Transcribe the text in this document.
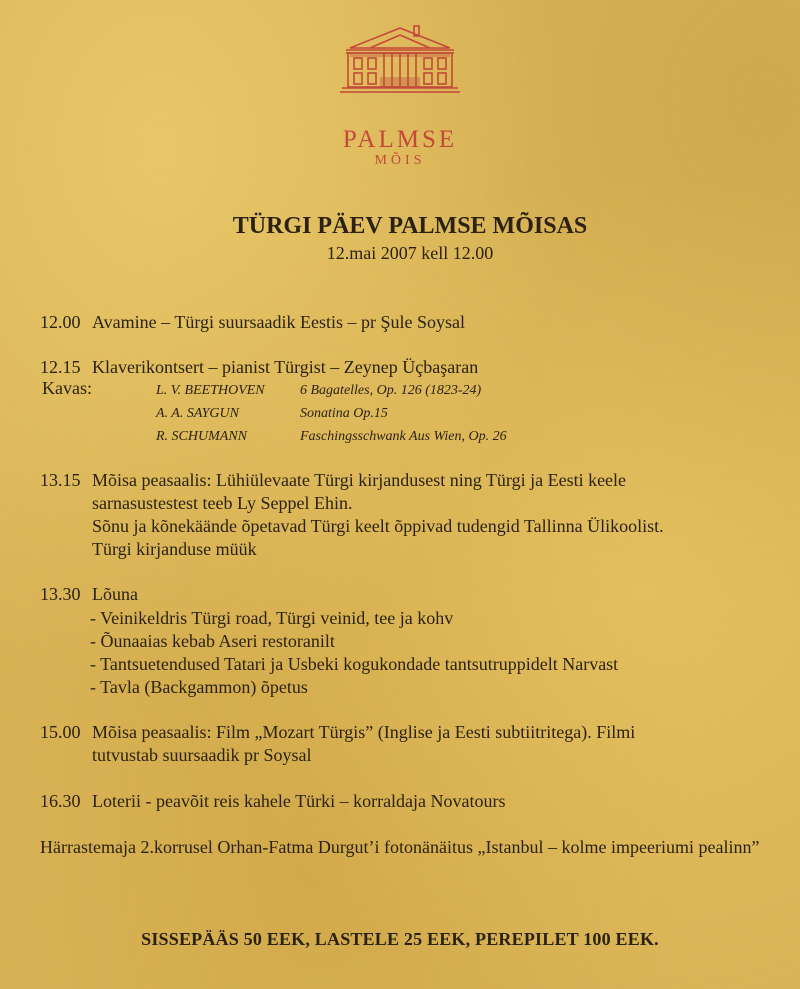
PALMSE
MÕIS
TÜRGI PÄEV PALMSE MÕISAS
12.mai 2007 kell 12.00
12.00 Avamine – Türgi suursaadik Eestis – pr Şule Soysal
12.15 Klaverikontsert – pianist Türgist – Zeynep Üçbaşaran
Kavas:	L. V. BEETHOVEN	6 Bagatelles, Op. 126 (1823-24)
A. A. SAYGUN	Sonatina Op.15
R. SCHUMANN	Faschingsschwank Aus Wien, Op. 26
13.15 Mõisa peasaalis: Lühiülevaate Türgi kirjandusest ning Türgi ja Eesti keele
sarnasustestest teeb Ly Seppel Ehin.
Sõnu ja kõnekäände õpetavad Türgi keelt õppivad tudengid Tallinna Ülikoolist.
Türgi kirjanduse müük
13.30 Lõuna
- Veinikeldris Türgi road, Türgi veinid, tee ja kohv
- Õunaaias kebab Aseri restoranilt
- Tantsuetendused Tatari ja Usbeki kogukondade tantsutruppidelt Narvast
- Tavla (Backgammon) õpetus
15.00 Mõisa peasaalis: Film „Mozart Türgis” (Inglise ja Eesti subtiitritega). Filmi
tutvustab suursaadik pr Soysal
16.30 Loterii - peavõit reis kahele Türki – korraldaja Novatours
Härrastemaja 2.korrusel Orhan-Fatma Durgut’i fotonänäitus „Istanbul – kolme impeeriumi pealinn”
SISSEPÄÄS 50 EEK, LASTELE 25 EEK, PEREPILET 100 EEK.
